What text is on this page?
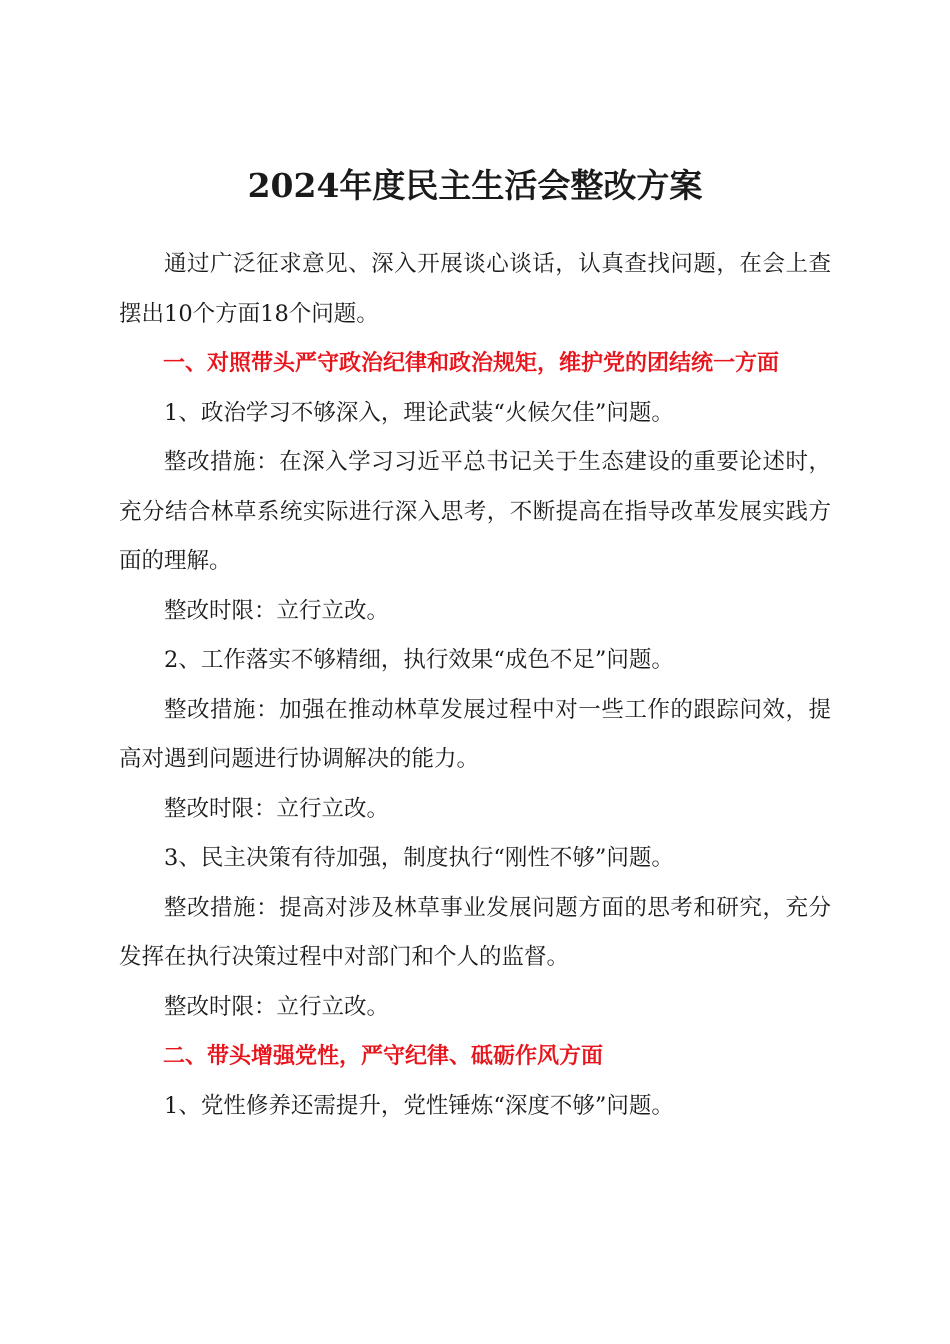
2024年度民主生活会整改方案

通过广泛征求意见、深入开展谈心谈话，认真查找问题，在会上查摆出10个方面18个问题。

一、对照带头严守政治纪律和政治规矩，维护党的团结统一方面

1、政治学习不够深入，理论武装“火候欠佳”问题。

整改措施：在深入学习习近平总书记关于生态建设的重要论述时，充分结合林草系统实际进行深入思考，不断提高在指导改革发展实践方面的理解。

整改时限：立行立改。

2、工作落实不够精细，执行效果“成色不足”问题。

整改措施：加强在推动林草发展过程中对一些工作的跟踪问效，提高对遇到问题进行协调解决的能力。

整改时限：立行立改。

3、民主决策有待加强，制度执行“刚性不够”问题。

整改措施：提高对涉及林草事业发展问题方面的思考和研究，充分发挥在执行决策过程中对部门和个人的监督。

整改时限：立行立改。

二、带头增强党性，严守纪律、砥砺作风方面

1、党性修养还需提升，党性锤炼“深度不够”问题。
